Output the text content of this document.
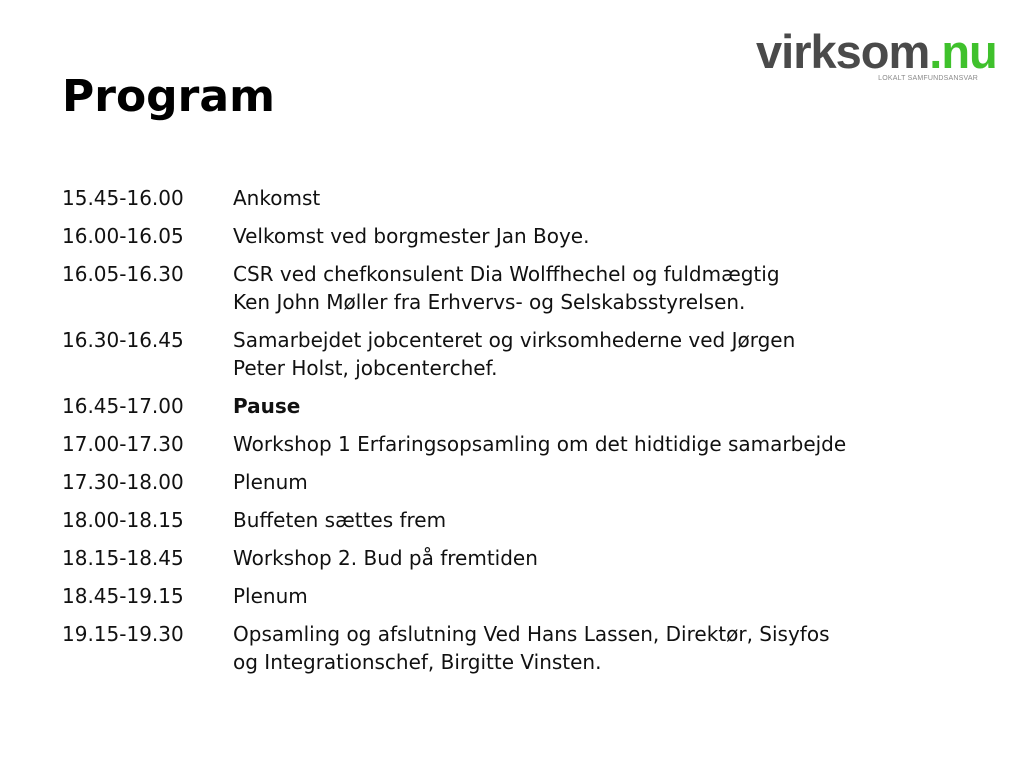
virksom.nu
LOKALT SAMFUNDSANSVAR
Program
15.45-16.00	Ankomst
16.00-16.05	Velkomst ved borgmester Jan Boye.
16.05-16.30	CSR ved chefkonsulent Dia Wolffhechel og fuldmægtig
Ken John Møller fra Erhvervs- og Selskabsstyrelsen.
16.30-16.45	Samarbejdet jobcenteret og virksomhederne ved Jørgen
Peter Holst, jobcenterchef.
16.45-17.00	Pause
17.00-17.30	Workshop 1 Erfaringsopsamling om det hidtidige samarbejde
17.30-18.00	Plenum
18.00-18.15	Buffeten sættes frem
18.15-18.45	Workshop 2. Bud på fremtiden
18.45-19.15	Plenum
19.15-19.30	Opsamling og afslutning Ved Hans Lassen, Direktør, Sisyfos
og Integrationschef, Birgitte Vinsten.
